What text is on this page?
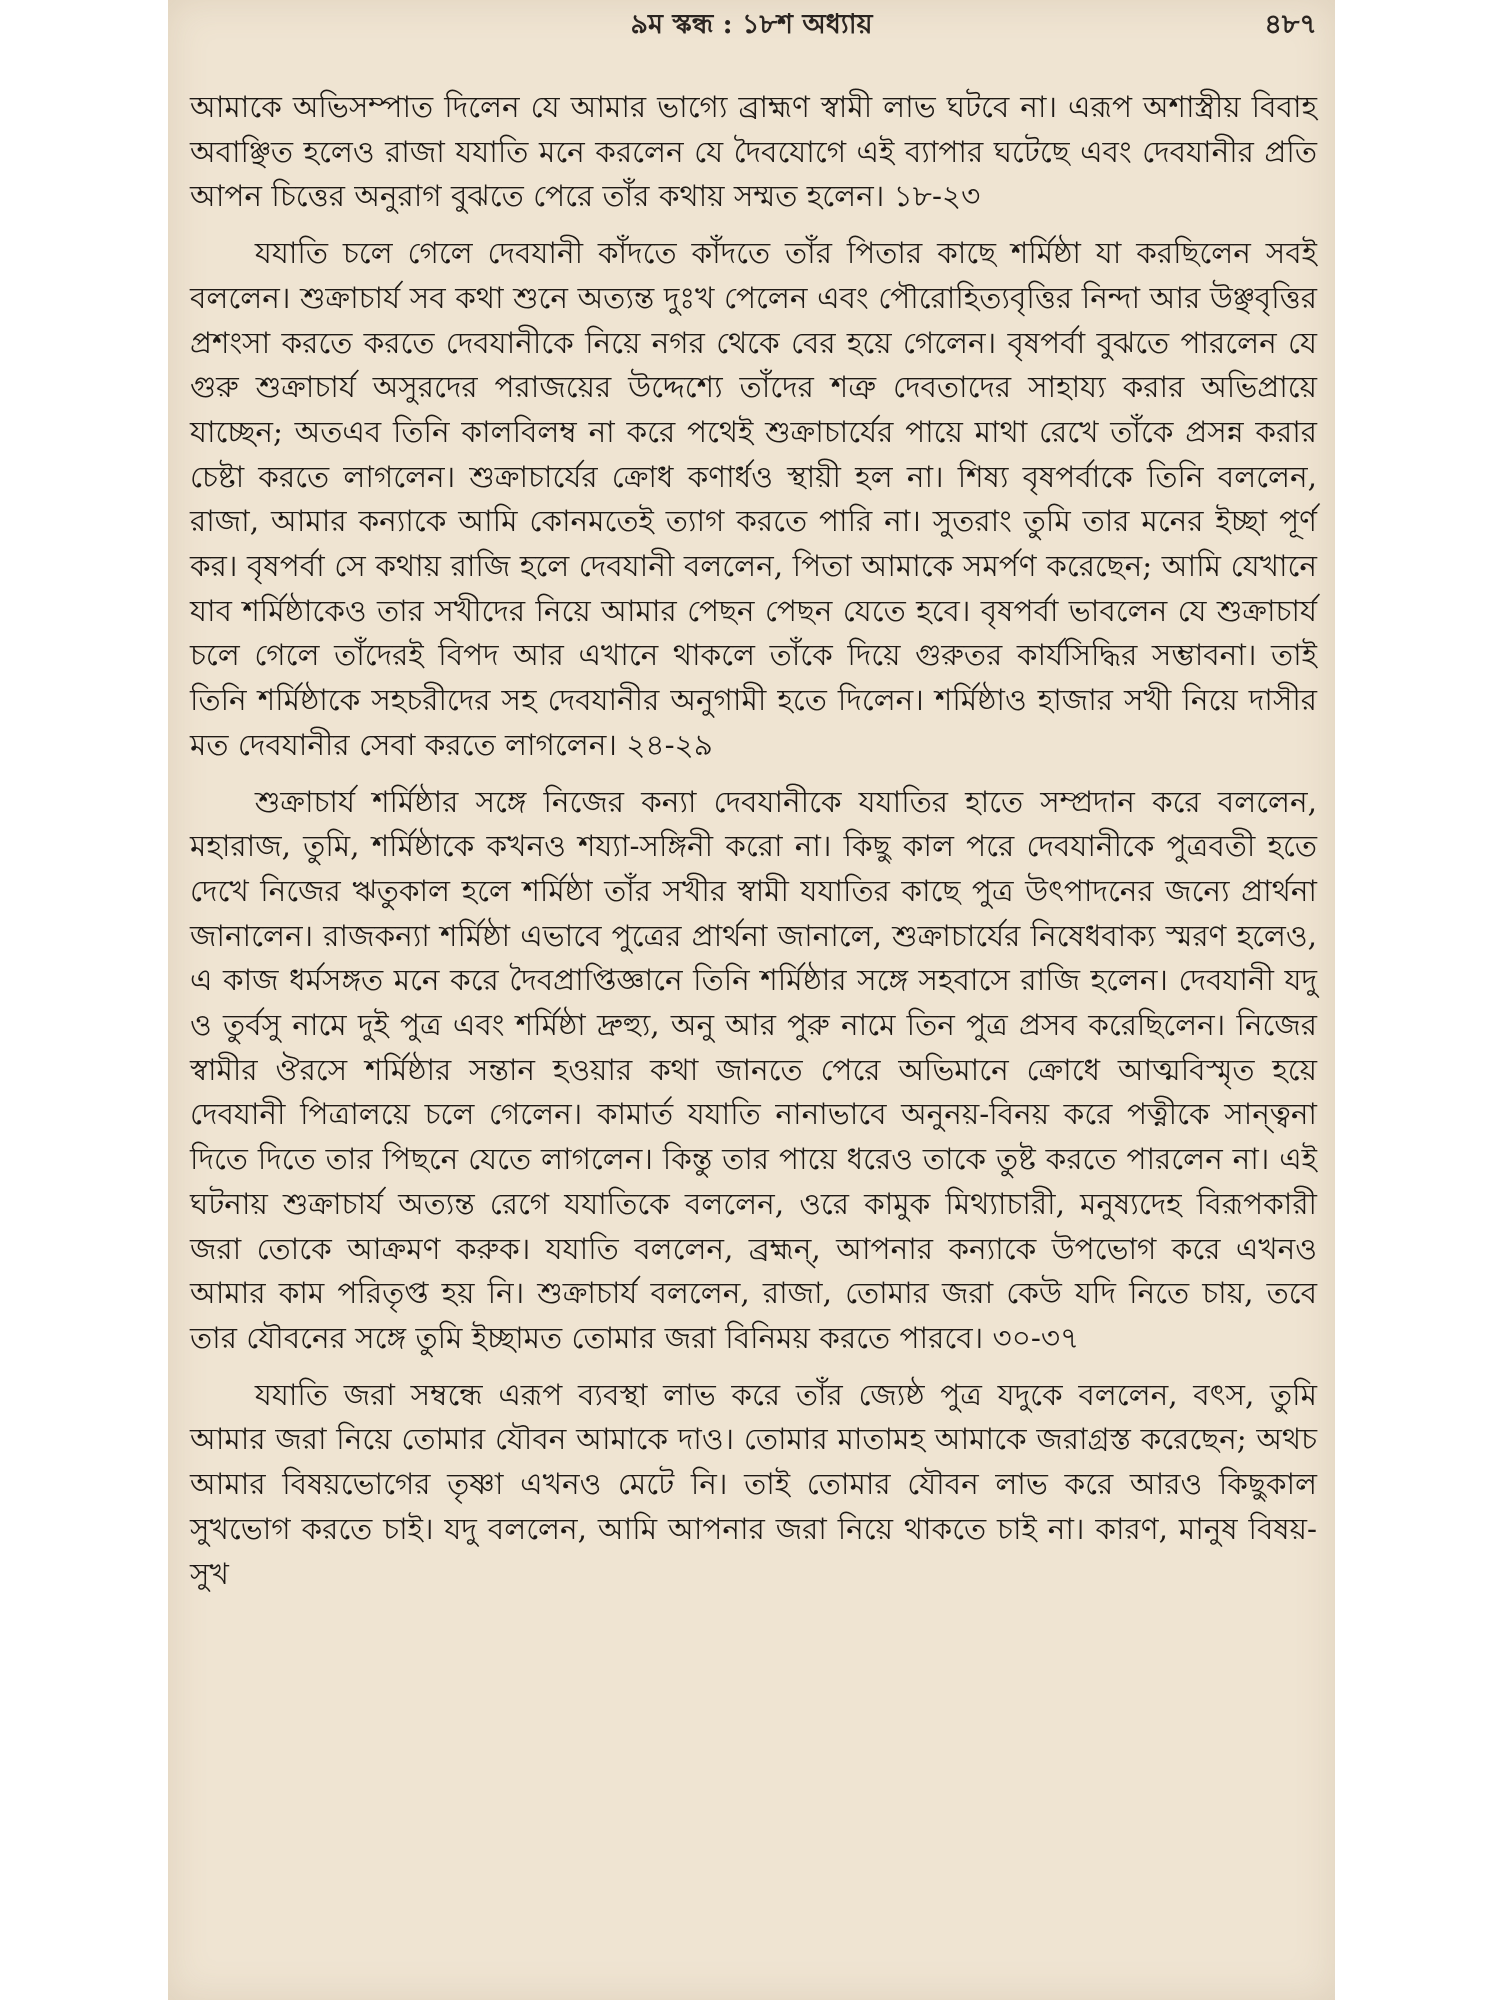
৯ম স্কন্ধ : ১৮শ অধ্যায়	৪৮৭

আমাকে অভিসম্পাত দিলেন যে আমার ভাগ্যে ব্রাহ্মণ স্বামী লাভ ঘটবে না। এরূপ অশাস্ত্রীয় বিবাহ অবাঞ্ছিত হলেও রাজা যযাতি মনে করলেন যে দৈবযোগে এই ব্যাপার ঘটেছে এবং দেবযানীর প্রতি আপন চিত্তের অনুরাগ বুঝতে পেরে তাঁর কথায় সম্মত হলেন। ১৮-২৩

যযাতি চলে গেলে দেবযানী কাঁদতে কাঁদতে তাঁর পিতার কাছে শর্মিষ্ঠা যা করছিলেন সবই বললেন। শুক্রাচার্য সব কথা শুনে অত্যন্ত দুঃখ পেলেন এবং পৌরোহিত্যবৃত্তির নিন্দা আর উঞ্ছবৃত্তির প্রশংসা করতে করতে দেবযানীকে নিয়ে নগর থেকে বের হয়ে গেলেন। বৃষপর্বা বুঝতে পারলেন যে গুরু শুক্রাচার্য অসুরদের পরাজয়ের উদ্দেশ্যে তাঁদের শত্রু দেবতাদের সাহায্য করার অভিপ্রায়ে যাচ্ছেন; অতএব তিনি কালবিলম্ব না করে পথেই শুক্রাচার্যের পায়ে মাথা রেখে তাঁকে প্রসন্ন করার চেষ্টা করতে লাগলেন। শুক্রাচার্যের ক্রোধ কণার্ধও স্থায়ী হল না। শিষ্য বৃষপর্বাকে তিনি বললেন, রাজা, আমার কন্যাকে আমি কোনমতেই ত্যাগ করতে পারি না। সুতরাং তুমি তার মনের ইচ্ছা পূর্ণ কর। বৃষপর্বা সে কথায় রাজি হলে দেবযানী বললেন, পিতা আমাকে সমর্পণ করেছেন; আমি যেখানে যাব শর্মিষ্ঠাকেও তার সখীদের নিয়ে আমার পেছন পেছন যেতে হবে। বৃষপর্বা ভাবলেন যে শুক্রাচার্য চলে গেলে তাঁদেরই বিপদ আর এখানে থাকলে তাঁকে দিয়ে গুরুতর কার্যসিদ্ধির সম্ভাবনা। তাই তিনি শর্মিষ্ঠাকে সহচরীদের সহ দেবযানীর অনুগামী হতে দিলেন। শর্মিষ্ঠাও হাজার সখী নিয়ে দাসীর মত দেবযানীর সেবা করতে লাগলেন। ২৪-২৯

শুক্রাচার্য শর্মিষ্ঠার সঙ্গে নিজের কন্যা দেবযানীকে যযাতির হাতে সম্প্রদান করে বললেন, মহারাজ, তুমি, শর্মিষ্ঠাকে কখনও শয্যা-সঙ্গিনী করো না। কিছু কাল পরে দেবযানীকে পুত্রবতী হতে দেখে নিজের ঋতুকাল হলে শর্মিষ্ঠা তাঁর সখীর স্বামী যযাতির কাছে পুত্র উৎপাদনের জন্যে প্রার্থনা জানালেন। রাজকন্যা শর্মিষ্ঠা এভাবে পুত্রের প্রার্থনা জানালে, শুক্রাচার্যের নিষেধবাক্য স্মরণ হলেও, এ কাজ ধর্মসঙ্গত মনে করে দৈবপ্রাপ্তিজ্ঞানে তিনি শর্মিষ্ঠার সঙ্গে সহবাসে রাজি হলেন। দেবযানী যদু ও তুর্বসু নামে দুই পুত্র এবং শর্মিষ্ঠা দ্রুহ্যু, অনু আর পুরু নামে তিন পুত্র প্রসব করেছিলেন। নিজের স্বামীর ঔরসে শর্মিষ্ঠার সন্তান হওয়ার কথা জানতে পেরে অভিমানে ক্রোধে আত্মবিস্মৃত হয়ে দেবযানী পিত্রালয়ে চলে গেলেন। কামার্ত যযাতি নানাভাবে অনুনয়-বিনয় করে পত্নীকে সান্ত্বনা দিতে দিতে তার পিছনে যেতে লাগলেন। কিন্তু তার পায়ে ধরেও তাকে তুষ্ট করতে পারলেন না। এই ঘটনায় শুক্রাচার্য অত্যন্ত রেগে যযাতিকে বললেন, ওরে কামুক মিথ্যাচারী, মনুষ্যদেহ বিরূপকারী জরা তোকে আক্রমণ করুক। যযাতি বললেন, ব্রহ্মন্‌, আপনার কন্যাকে উপভোগ করে এখনও আমার কাম পরিতৃপ্ত হয় নি। শুক্রাচার্য বললেন, রাজা, তোমার জরা কেউ যদি নিতে চায়, তবে তার যৌবনের সঙ্গে তুমি ইচ্ছামত তোমার জরা বিনিময় করতে পারবে। ৩০-৩৭

যযাতি জরা সম্বন্ধে এরূপ ব্যবস্থা লাভ করে তাঁর জ্যেষ্ঠ পুত্র যদুকে বললেন, বৎস, তুমি আমার জরা নিয়ে তোমার যৌবন আমাকে দাও। তোমার মাতামহ আমাকে জরাগ্রস্ত করেছেন; অথচ আমার বিষয়ভোগের তৃষ্ণা এখনও মেটে নি। তাই তোমার যৌবন লাভ করে আরও কিছুকাল সুখভোগ করতে চাই। যদু বললেন, আমি আপনার জরা নিয়ে থাকতে চাই না। কারণ, মানুষ বিষয়-সুখ
